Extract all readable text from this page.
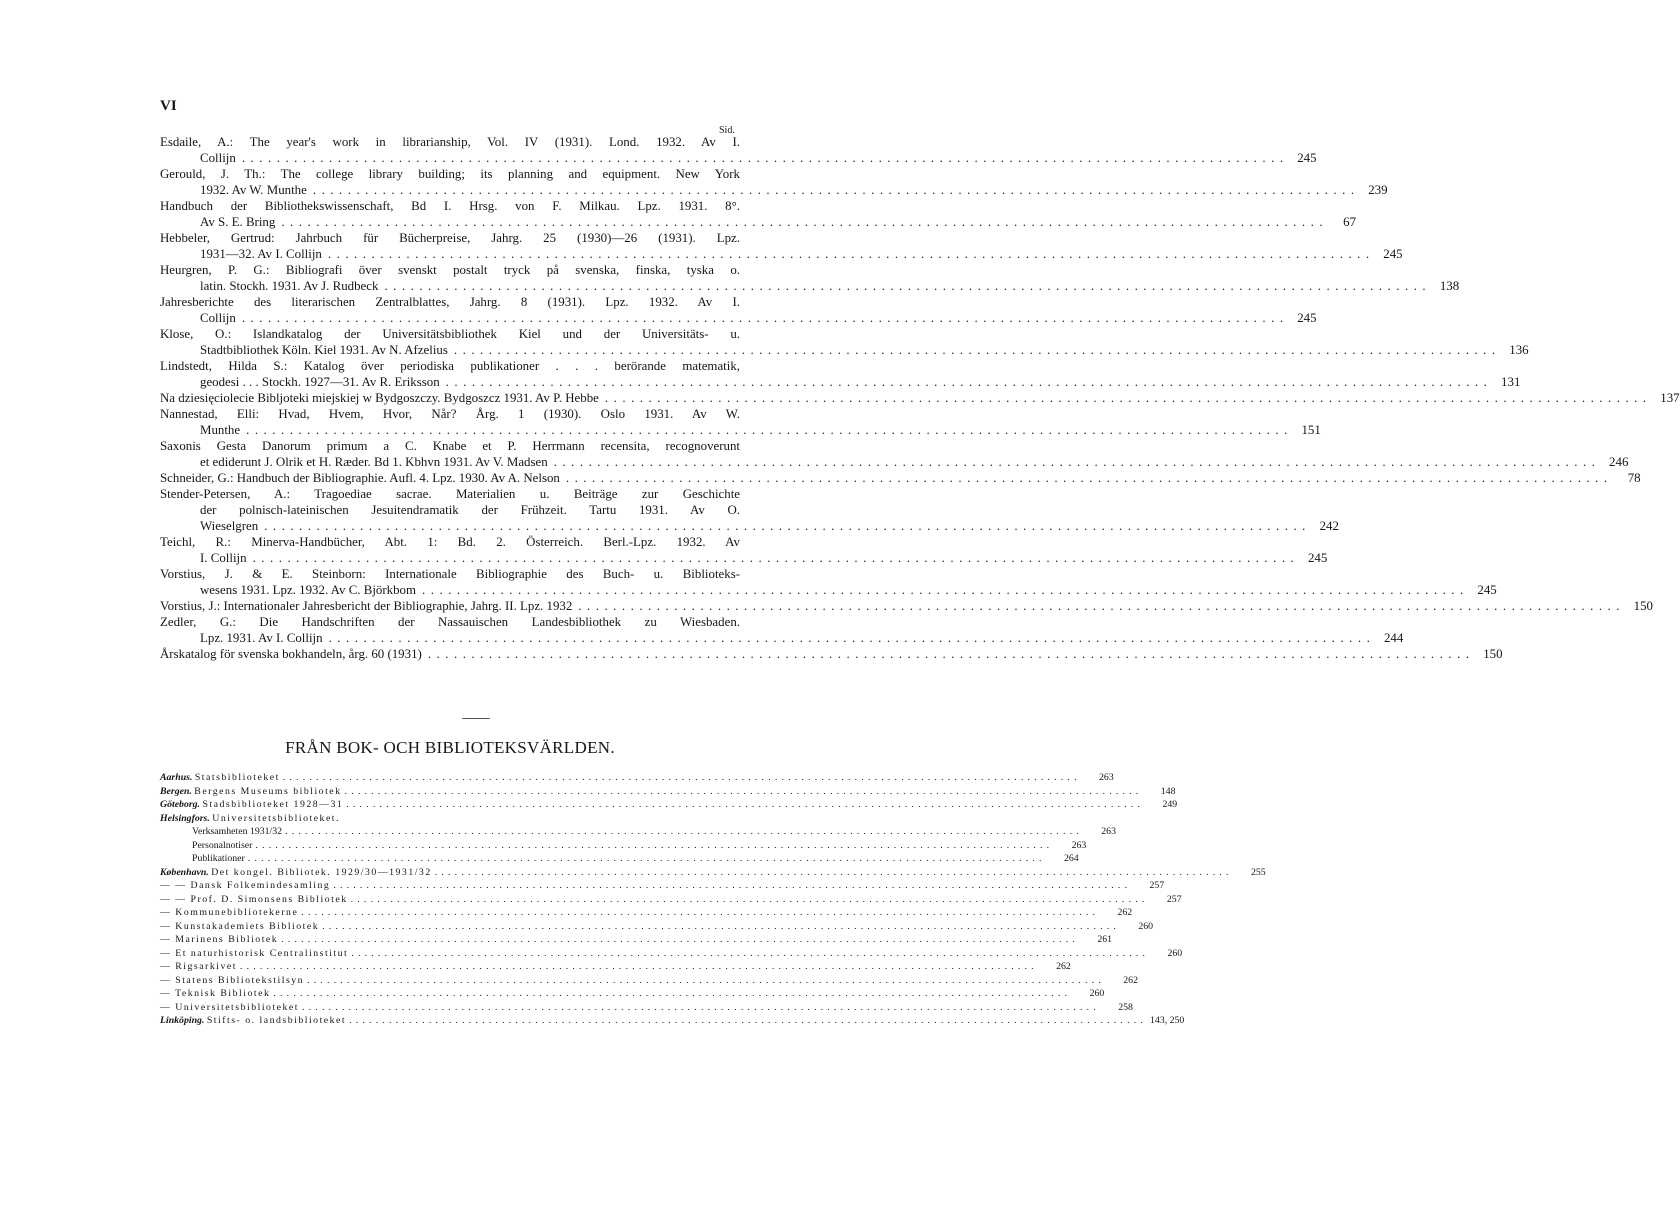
VI
Sid.
Esdaile, A.: The year's work in librarianship, Vol. IV (1931). Lond. 1932. Av I.
Collijn ........................................................................................................................ 245
Gerould, J. Th.: The college library building; its planning and equipment. New York
1932. Av W. Munthe ........................................................................................................................ 239
Handbuch der Bibliothekswissenschaft, Bd I. Hrsg. von F. Milkau. Lpz. 1931. 8°.
Av S. E. Bring ........................................................................................................................	67
Hebbeler, Gertrud: Jahrbuch für Bücherpreise, Jahrg. 25 (1930)—26 (1931). Lpz.
1931—32. Av I. Collijn ........................................................................................................................ 245
Heurgren, P. G.: Bibliografi över svenskt postalt tryck på svenska, finska, tyska o.
latin. Stockh. 1931. Av J. Rudbeck ........................................................................................................................ 138
Jahresberichte des literarischen Zentralblattes, Jahrg. 8 (1931). Lpz. 1932. Av I.
Collijn ........................................................................................................................ 245
Klose, O.: Islandkatalog der Universitätsbibliothek Kiel und der Universitäts- u.
Stadtbibliothek Köln. Kiel 1931. Av N. Afzelius ........................................................................................................................ 136
Lindstedt, Hilda S.: Katalog över periodiska publikationer . . . berörande matematik,
geodesi . . . Stockh. 1927—31. Av R. Eriksson ........................................................................................................................ 131
Na dziesięciolecie Bibljoteki miejskiej w Bydgoszczy. Bydgoszcz 1931. Av P. Hebbe ........................................................................................................................ 137
Nannestad, Elli: Hvad, Hvem, Hvor, Når? Årg. 1 (1930). Oslo 1931. Av W.
Munthe ........................................................................................................................ 151
Saxonis Gesta Danorum primum a C. Knabe et P. Herrmann recensita, recognoverunt
et ediderunt J. Olrik et H. Ræder. Bd 1. Kbhvn 1931. Av V. Madsen ........................................................................................................................ 246
Schneider, G.: Handbuch der Bibliographie. Aufl. 4. Lpz. 1930. Av A. Nelson ........................................................................................................................	78
Stender-Petersen, A.: Tragoediae sacrae. Materialien u. Beiträge zur Geschichte
der polnisch-lateinischen Jesuitendramatik der Frühzeit. Tartu 1931. Av O.
Wieselgren ........................................................................................................................ 242
Teichl, R.: Minerva-Handbücher, Abt. 1: Bd. 2. Österreich. Berl.-Lpz. 1932. Av
I. Collijn ........................................................................................................................ 245
Vorstius, J. & E. Steinborn: Internationale Bibliographie des Buch- u. Biblioteks-
wesens 1931. Lpz. 1932. Av C. Björkbom ........................................................................................................................ 245
Vorstius, J.: Internationaler Jahresbericht der Bibliographie, Jahrg. II. Lpz. 1932 ........................................................................................................................ 150
Zedler, G.: Die Handschriften der Nassauischen Landesbibliothek zu Wiesbaden.
Lpz. 1931. Av I. Collijn ........................................................................................................................ 244
Årskatalog för svenska bokhandeln, årg. 60 (1931) ........................................................................................................................ 150
FRÅN BOK- OCH BIBLIOTEKSVÄRLDEN.
Aarhus. Statsbiblioteket ........................................................................................................................	263
Bergen. Bergens Museums bibliotek ........................................................................................................................	148
Göteborg. Stadsbiblioteket 1928—31 ........................................................................................................................	249
Helsingfors. Universitetsbiblioteket.
Verksamheten 1931/32 ........................................................................................................................	263
Personalnotiser ........................................................................................................................	263
Publikationer ........................................................................................................................	264
København. Det kongel. Bibliotek. 1929/30—1931/32 ........................................................................................................................	255
— — Dansk Folkemindesamling ........................................................................................................................	257
— — Prof. D. Simonsens Bibliotek ........................................................................................................................	257
— Kommunebibliotekerne ........................................................................................................................	262
— Kunstakademiets Bibliotek ........................................................................................................................	260
— Marinens Bibliotek ........................................................................................................................	261
— Et naturhistorisk Centralinstitut ........................................................................................................................	260
— Rigsarkivet ........................................................................................................................	262
— Statens Bibliotekstilsyn ........................................................................................................................	262
— Teknisk Bibliotek ........................................................................................................................	260
— Universitetsbiblioteket ........................................................................................................................	258
Linköping. Stifts- o. landsbiblioteket ........................................................................................................................ 143, 250
